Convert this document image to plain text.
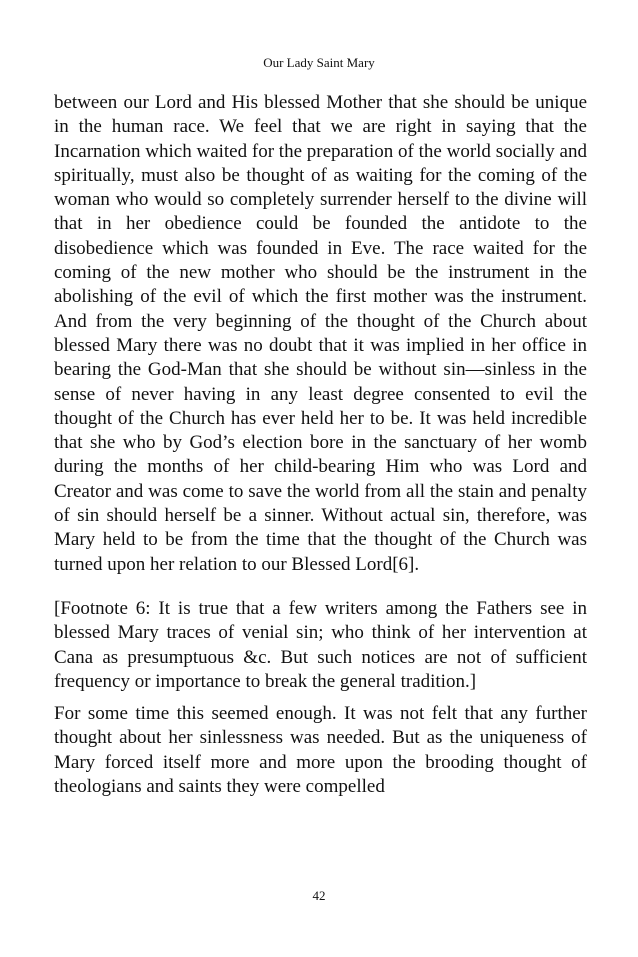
Our Lady Saint Mary

between our Lord and His blessed Mother that she should be unique in the human race. We feel that we are right in saying that the Incarnation which waited for the preparation of the world socially and spiritually, must also be thought of as waiting for the coming of the woman who would so completely surrender herself to the divine will that in her obedience could be founded the antidote to the disobedience which was founded in Eve. The race waited for the coming of the new mother who should be the instrument in the abolishing of the evil of which the first mother was the instrument. And from the very beginning of the thought of the Church about blessed Mary there was no doubt that it was implied in her office in bearing the God-Man that she should be without sin—sinless in the sense of never having in any least degree consented to evil the thought of the Church has ever held her to be. It was held incredible that she who by God’s election bore in the sanctuary of her womb during the months of her child-bearing Him who was Lord and Creator and was come to save the world from all the stain and penalty of sin should herself be a sinner. Without actual sin, therefore, was Mary held to be from the time that the thought of the Church was turned upon her relation to our Blessed Lord[6].

[Footnote 6: It is true that a few writers among the Fathers see in blessed Mary traces of venial sin; who think of her intervention at Cana as presumptuous &c. But such notices are not of sufficient frequency or importance to break the general tradition.]

For some time this seemed enough. It was not felt that any further thought about her sinlessness was needed. But as the uniqueness of Mary forced itself more and more upon the brooding thought of theologians and saints they were compelled

42
